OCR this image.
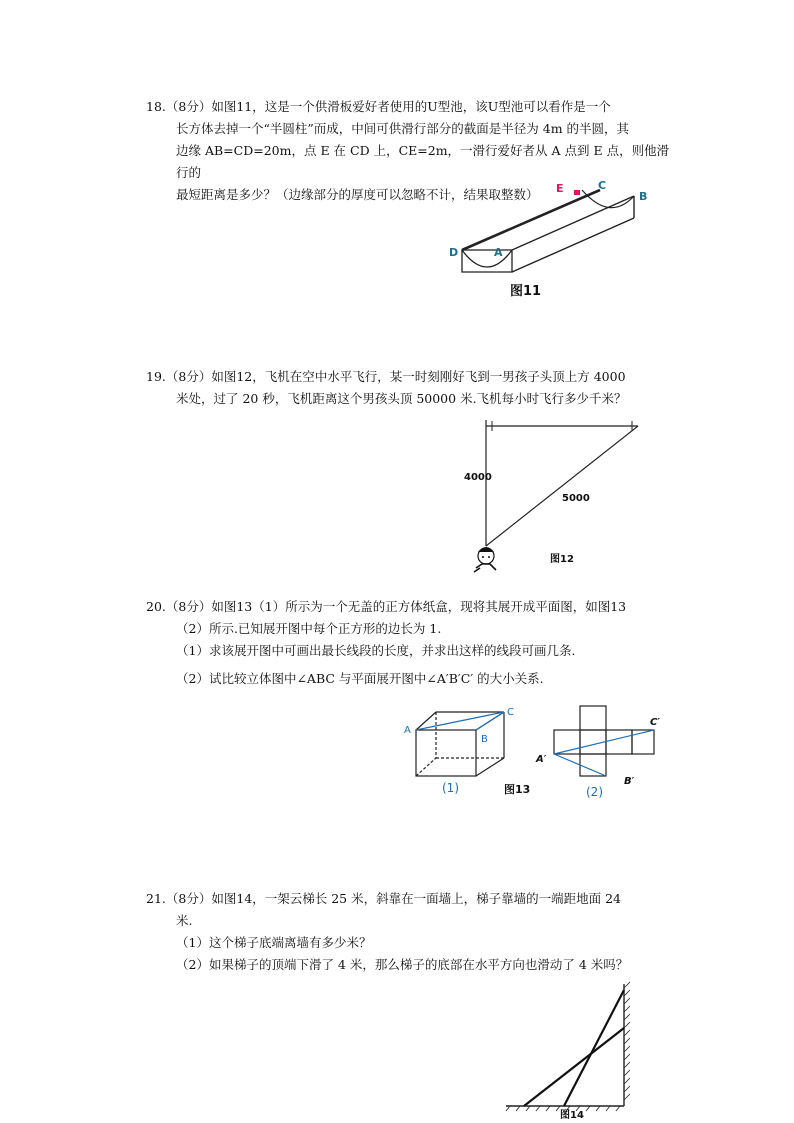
18.（8分）如图11，这是一个供滑板爱好者使用的U型池，该U型池可以看作是一个

长方体去掉一个“半圆柱”而成，中间可供滑行部分的截面是半径为 4m 的半圆，其

边缘 AB=CD=20m，点 E 在 CD 上，CE=2m，一滑行爱好者从 A 点到 E 点，则他滑行的

最短距离是多少？（边缘部分的厚度可以忽略不计，结果取整数）	E	C
B
D	A
图11

19.（8分）如图12，飞机在空中水平飞行，某一时刻刚好飞到一男孩子头顶上方 4000

米处，过了 20 秒，飞机距离这个男孩头顶 50000 米.飞机每小时飞行多少千米？

4000
5000
图12
.

20.（8分）如图13（1）所示为一个无盖的正方体纸盒，现将其展开成平面图，如图13

（2）所示.已知展开图中每个正方形的边长为 1.

（1）求该展开图中可画出最长线段的长度，并求出这样的线段可画几条.

（2）试比较立体图中∠ABC 与平面展开图中∠A′B′C′ 的大小关系.

A
C
B
(1)	图13
A′
C′
B′
(2)

21.（8分）如图14，一架云梯长 25 米，斜靠在一面墙上，梯子靠墙的一端距地面 24

米.

（1）这个梯子底端离墙有多少米？

（2）如果梯子的顶端下滑了 4 米，那么梯子的底部在水平方向也滑动了 4 米吗？

图14
